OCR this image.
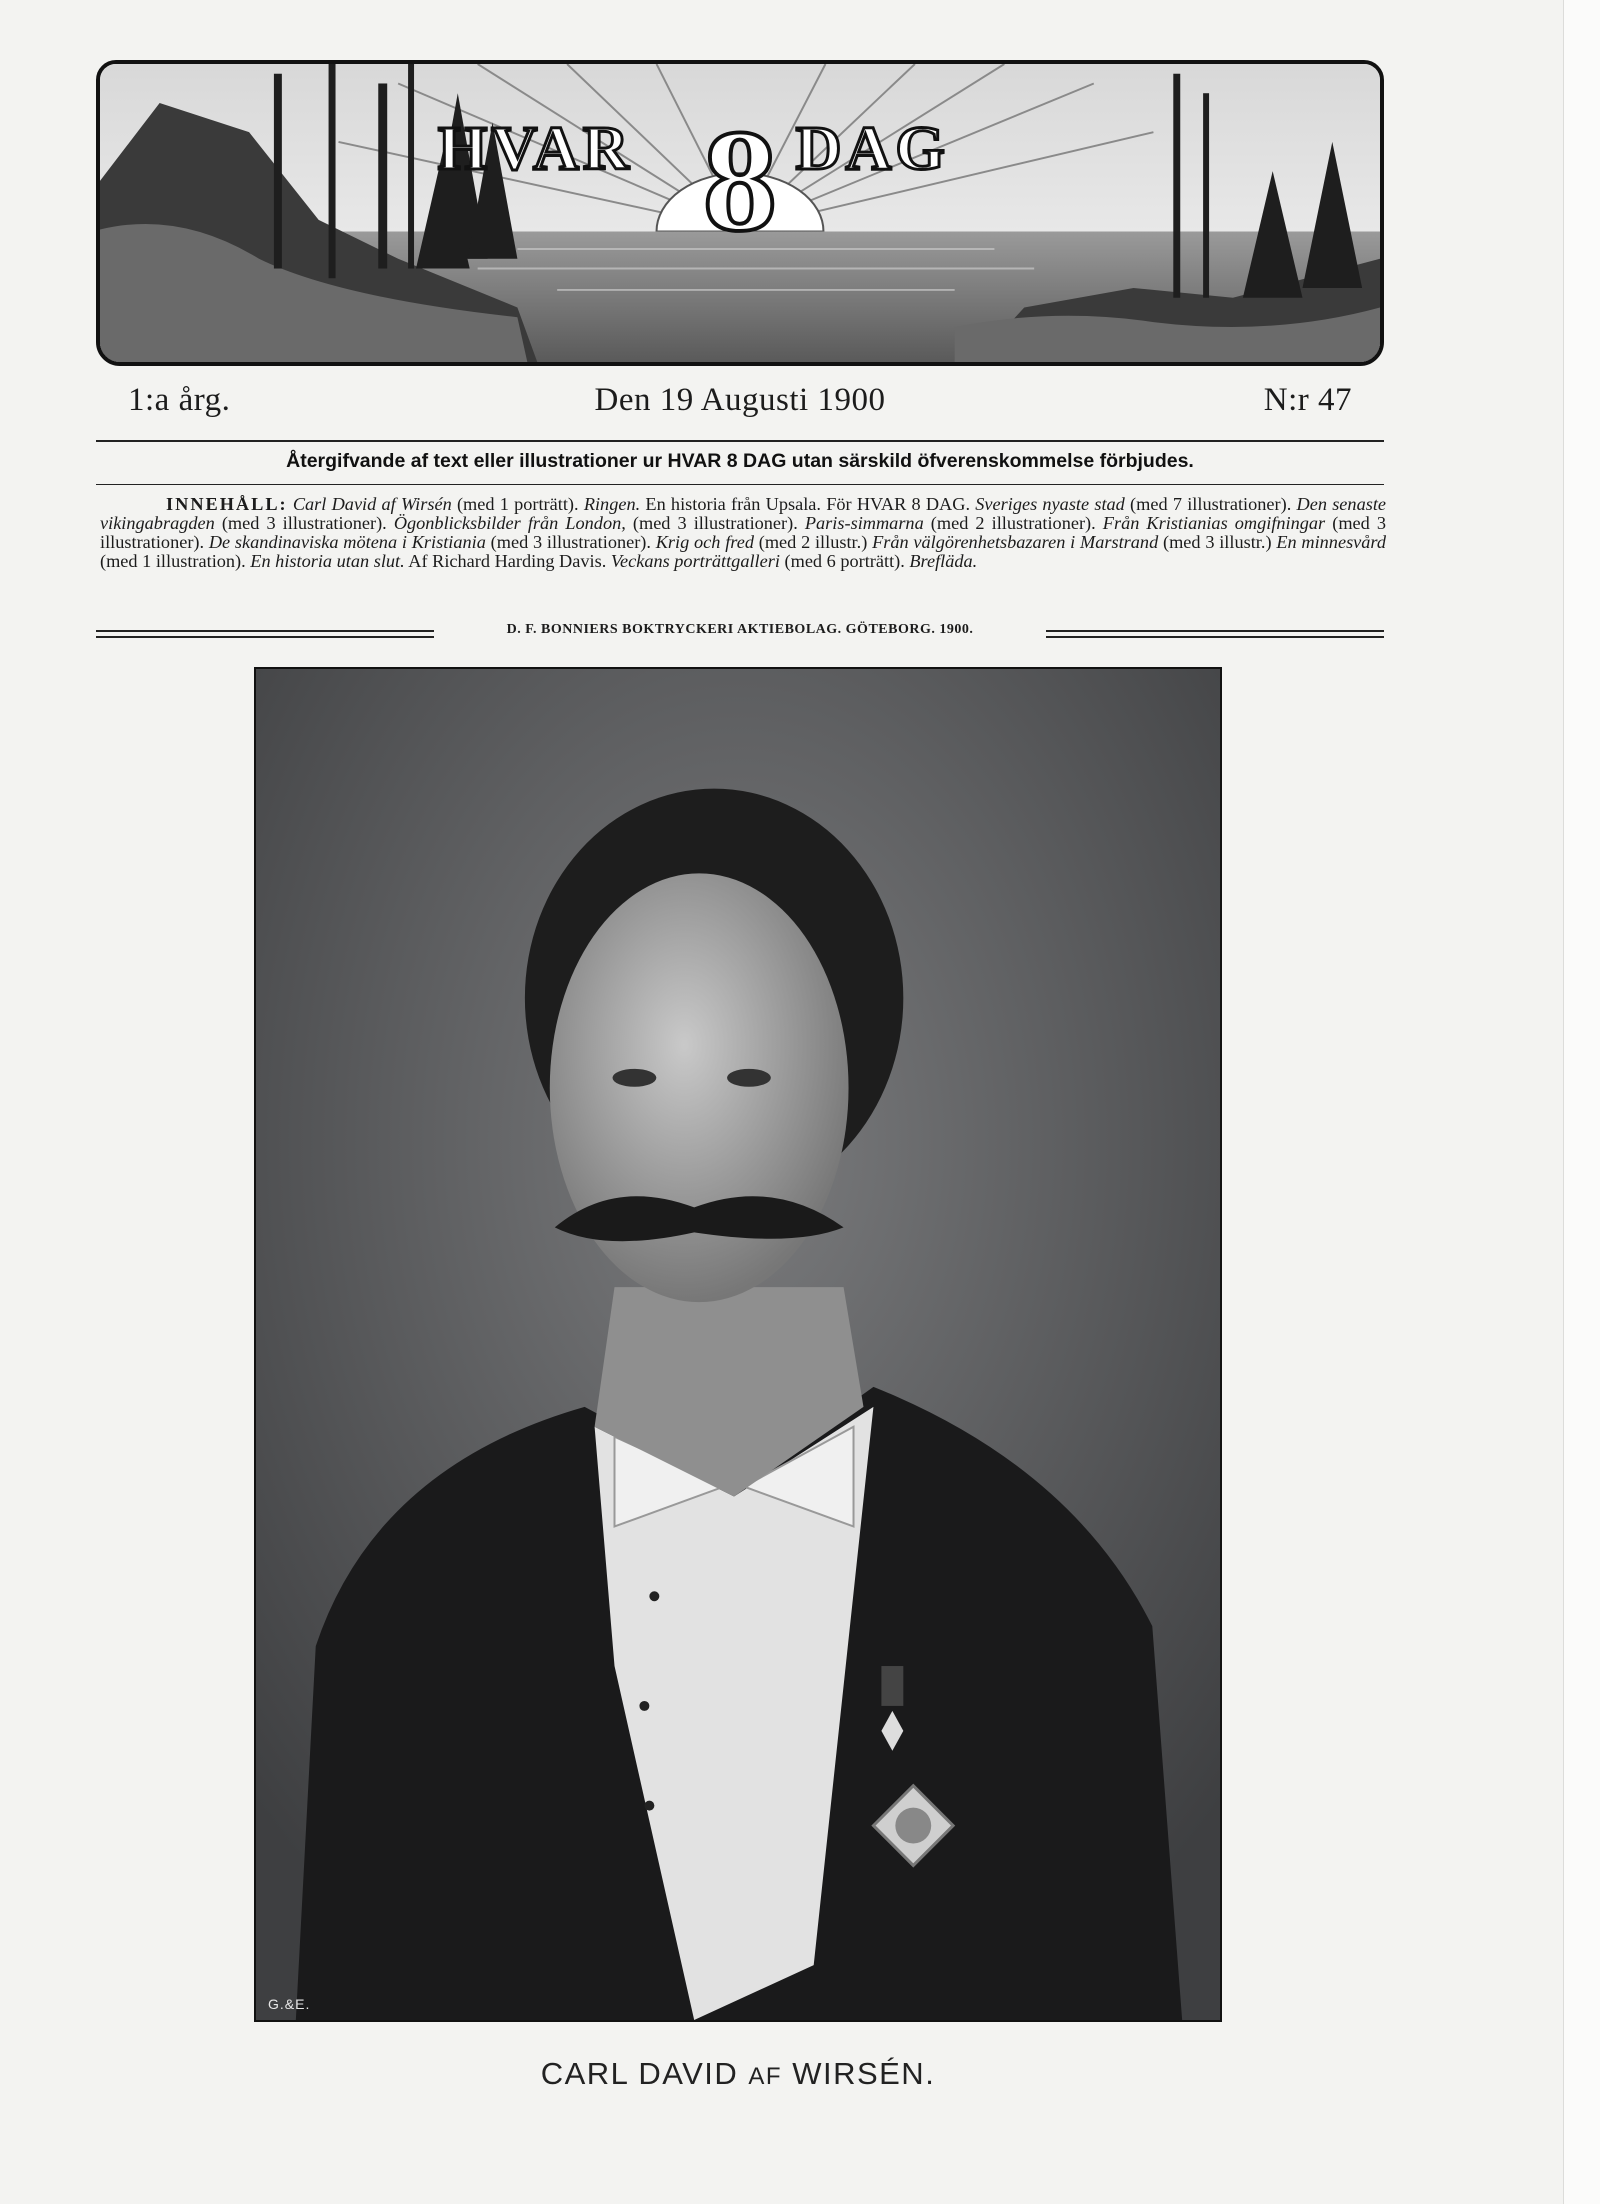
HVAR 8 DAG
1:a årg.	Den 19 Augusti 1900	N:r 47
Återgifvande af text eller illustrationer ur HVAR 8 DAG utan särskild öfverenskommelse förbjudes.
INNEHÅLL: Carl David af Wirsén (med 1 porträtt). Ringen. En historia från Upsala. För HVAR 8 DAG. Sveriges nyaste stad (med 7 illustrationer). Den senaste vikingabragden (med 3 illustrationer). Ögonblicksbilder från London, (med 3 illustrationer). Paris-simmarna (med 2 illustrationer). Från Kristianias omgifningar (med 3 illustrationer). De skandinaviska mötena i Kristiania (med 3 illustrationer). Krig och fred (med 2 illustr.) Från välgörenhetsbazaren i Marstrand (med 3 illustr.) En minnesvård (med 1 illustration). En historia utan slut. Af Richard Harding Davis. Veckans porträttgalleri (med 6 porträtt). Brefläda.
D. F. BONNIERS BOKTRYCKERI AKTIEBOLAG. GÖTEBORG. 1900.
G.&E.
CARL DAVID AF WIRSÉN.
